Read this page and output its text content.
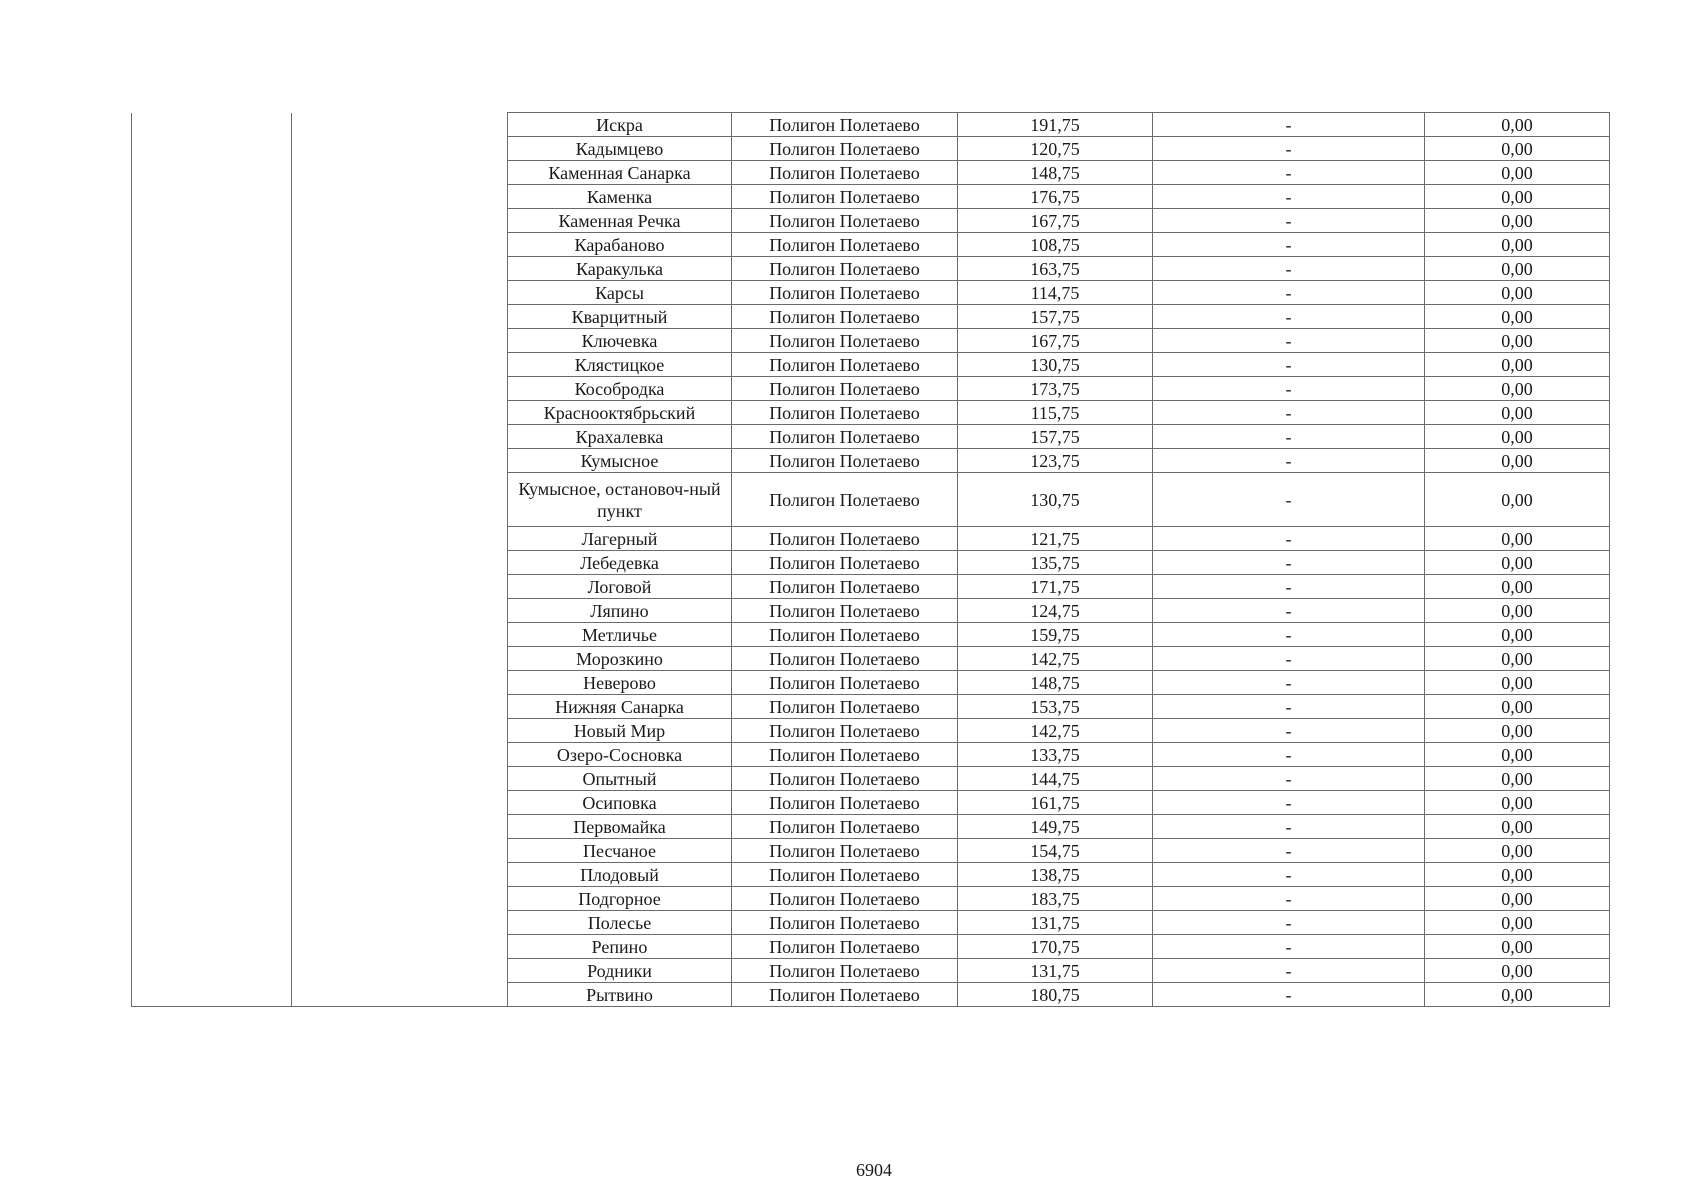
		Искра	Полигон Полетаево	191,75	-	0,00
		Кадымцево	Полигон Полетаево	120,75	-	0,00
		Каменная Санарка	Полигон Полетаево	148,75	-	0,00
		Каменка	Полигон Полетаево	176,75	-	0,00
		Каменная Речка	Полигон Полетаево	167,75	-	0,00
		Карабаново	Полигон Полетаево	108,75	-	0,00
		Каракулька	Полигон Полетаево	163,75	-	0,00
		Карсы	Полигон Полетаево	114,75	-	0,00
		Кварцитный	Полигон Полетаево	157,75	-	0,00
		Ключевка	Полигон Полетаево	167,75	-	0,00
		Клястицкое	Полигон Полетаево	130,75	-	0,00
		Кособродка	Полигон Полетаево	173,75	-	0,00
		Краснооктябрьский	Полигон Полетаево	115,75	-	0,00
		Крахалевка	Полигон Полетаево	157,75	-	0,00
		Кумысное	Полигон Полетаево	123,75	-	0,00
		Кумысное, остановоч-ный пункт	Полигон Полетаево	130,75	-	0,00
		Лагерный	Полигон Полетаево	121,75	-	0,00
		Лебедевка	Полигон Полетаево	135,75	-	0,00
		Логовой	Полигон Полетаево	171,75	-	0,00
		Ляпино	Полигон Полетаево	124,75	-	0,00
		Метличье	Полигон Полетаево	159,75	-	0,00
		Морозкино	Полигон Полетаево	142,75	-	0,00
		Неверово	Полигон Полетаево	148,75	-	0,00
		Нижняя Санарка	Полигон Полетаево	153,75	-	0,00
		Новый Мир	Полигон Полетаево	142,75	-	0,00
		Озеро-Сосновка	Полигон Полетаево	133,75	-	0,00
		Опытный	Полигон Полетаево	144,75	-	0,00
		Осиповка	Полигон Полетаево	161,75	-	0,00
		Первомайка	Полигон Полетаево	149,75	-	0,00
		Песчаное	Полигон Полетаево	154,75	-	0,00
		Плодовый	Полигон Полетаево	138,75	-	0,00
		Подгорное	Полигон Полетаево	183,75	-	0,00
		Полесье	Полигон Полетаево	131,75	-	0,00
		Репино	Полигон Полетаево	170,75	-	0,00
		Родники	Полигон Полетаево	131,75	-	0,00
		Рытвино	Полигон Полетаево	180,75	-	0,00
6904
